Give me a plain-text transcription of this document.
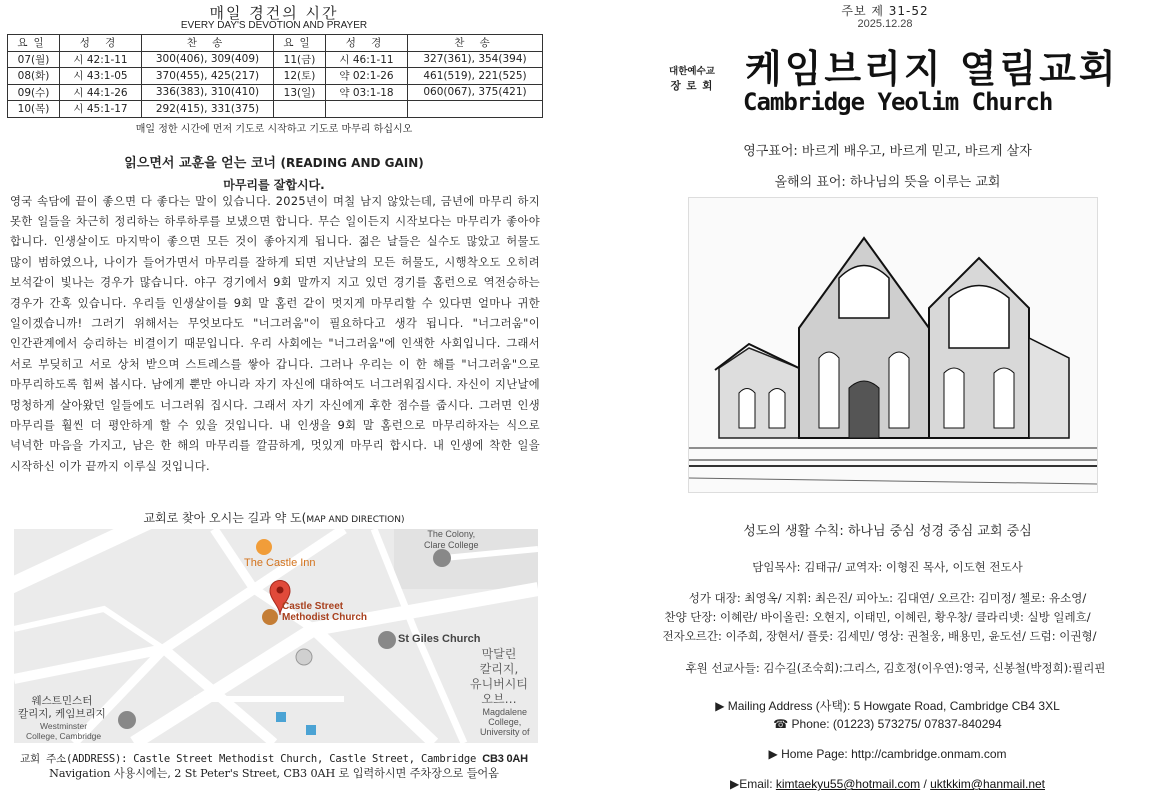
매일 경건의 시간
EVERY DAY'S DEVOTION AND PRAYER
요일	성 경	찬 송	요일	성 경	찬 송
07(월)	시 42:1-11	300(406), 309(409)	11(금)	시 46:1-11	327(361), 354(394)
08(화)	시 43:1-05	370(455), 425(217)	12(토)	약 02:1-26	461(519), 221(525)
09(수)	시 44:1-26	336(383), 310(410)	13(일)	약 03:1-18	060(067), 375(421)
10(목)	시 45:1-17	292(415), 331(375)			
매일 정한 시간에 먼저 기도로 시작하고 기도로 마무리 하십시오
읽으면서 교훈을 얻는 코너 (READING AND GAIN)
마무리를 잘합시다.
영국 속담에 끝이 좋으면 다 좋다는 말이 있습니다. 2025년이 며칠 남지 않았는데, 금년에 마무리 하지 못한 일들을 차근히 정리하는 하루하루를 보냈으면 합니다. 무슨 일이든지 시작보다는 마무리가 좋아야 합니다. 인생살이도 마지막이 좋으면 모든 것이 좋아지게 됩니다. 젊은 날들은 실수도 많았고 허물도 많이 범하였으나, 나이가 들어가면서 마무리를 잘하게 되면 지난날의 모든 허물도, 시행착오도 오히려 보석같이 빛나는 경우가 많습니다. 야구 경기에서 9회 말까지 지고 있던 경기를 홈런으로 역전승하는 경우가 간혹 있습니다. 우리들 인생살이를 9회 말 홈런 같이 멋지게 마무리할 수 있다면 얼마나 귀한 일이겠습니까! 그러기 위해서는 무엇보다도 "너그러움"이 필요하다고 생각 됩니다. "너그러움"이 인간관계에서 승리하는 비결이기 때문입니다. 우리 사회에는 "너그러움"에 인색한 사회입니다. 그래서 서로 부딪히고 서로 상처 받으며 스트레스를 쌓아 갑니다. 그러나 우리는 이 한 해를 "너그러움"으로 마무리하도록 힘써 봅시다. 남에게 뿐만 아니라 자기 자신에 대하여도 너그러워집시다. 자신이 지난날에 멍청하게 살아왔던 일들에도 너그러워 집시다. 그래서 자기 자신에게 후한 점수를 줍시다. 그러면 인생 마무리를 훨씬 더 평안하게 할 수 있을 것입니다. 내 인생을 9회 말 홈런으로 마무리하자는 식으로 넉넉한 마음을 가지고, 남은 한 해의 마무리를 깔끔하게, 멋있게 마무리 합시다. 내 인생에 착한 일을 시작하신 이가 끝까지 이루실 것입니다.
교회로 찾아 오시는 길과 약 도(MAP AND DIRECTION)
The Castle Inn
Castle Street
Methodist Church
St Giles Church
The Colony,
Clare College
막달린
칼리지,
유니버시티
오브…
Magdalene
College,
University of
웨스트민스터
칼리지, 케임브리지
Westminster
College, Cambridge
교회 주소(ADDRESS): Castle Street Methodist Church, Castle Street, Cambridge CB3 0AH
Navigation 사용시에는, 2 St Peter's Street, CB3 0AH 로 입력하시면 주차장으로 들어옴
주보 제 31-52
2025.12.28
대한예수교
장 로 회 케임브리지 열림교회
Cambridge Yeolim Church
영구표어: 바르게 배우고, 바르게 믿고, 바르게 살자
올해의 표어: 하나님의 뜻을 이루는 교회
성도의 생활 수칙: 하나님 중심 성경 중심 교회 중심
담임목사: 김태규/ 교역자: 이형진 목사, 이도현 전도사
성가 대장: 최영옥/ 지휘: 최은진/ 피아노: 김대연/ 오르간: 김미정/ 첼로: 유소영/
찬양 단장: 이혜란/ 바이올린: 오현지, 이태민, 이혜린, 황우창/ 클라리넷: 실방 일레흐/
전자오르간: 이주희, 장현서/ 플룻: 김세민/ 영상: 권철웅, 배용민, 윤도선/ 드럼: 이권형/
후원 선교사들: 김수길(조숙희):그리스, 김호정(이우연):영국, 신봉철(박정희):필리핀
▶ Mailing Address (사택): 5 Howgate Road, Cambridge CB4 3XL
☎ Phone: (01223) 573275/ 07837-840294
▶ Home Page: http://cambridge.onmam.com
▶Email: kimtaekyu55@hotmail.com / uktkkim@hanmail.net
